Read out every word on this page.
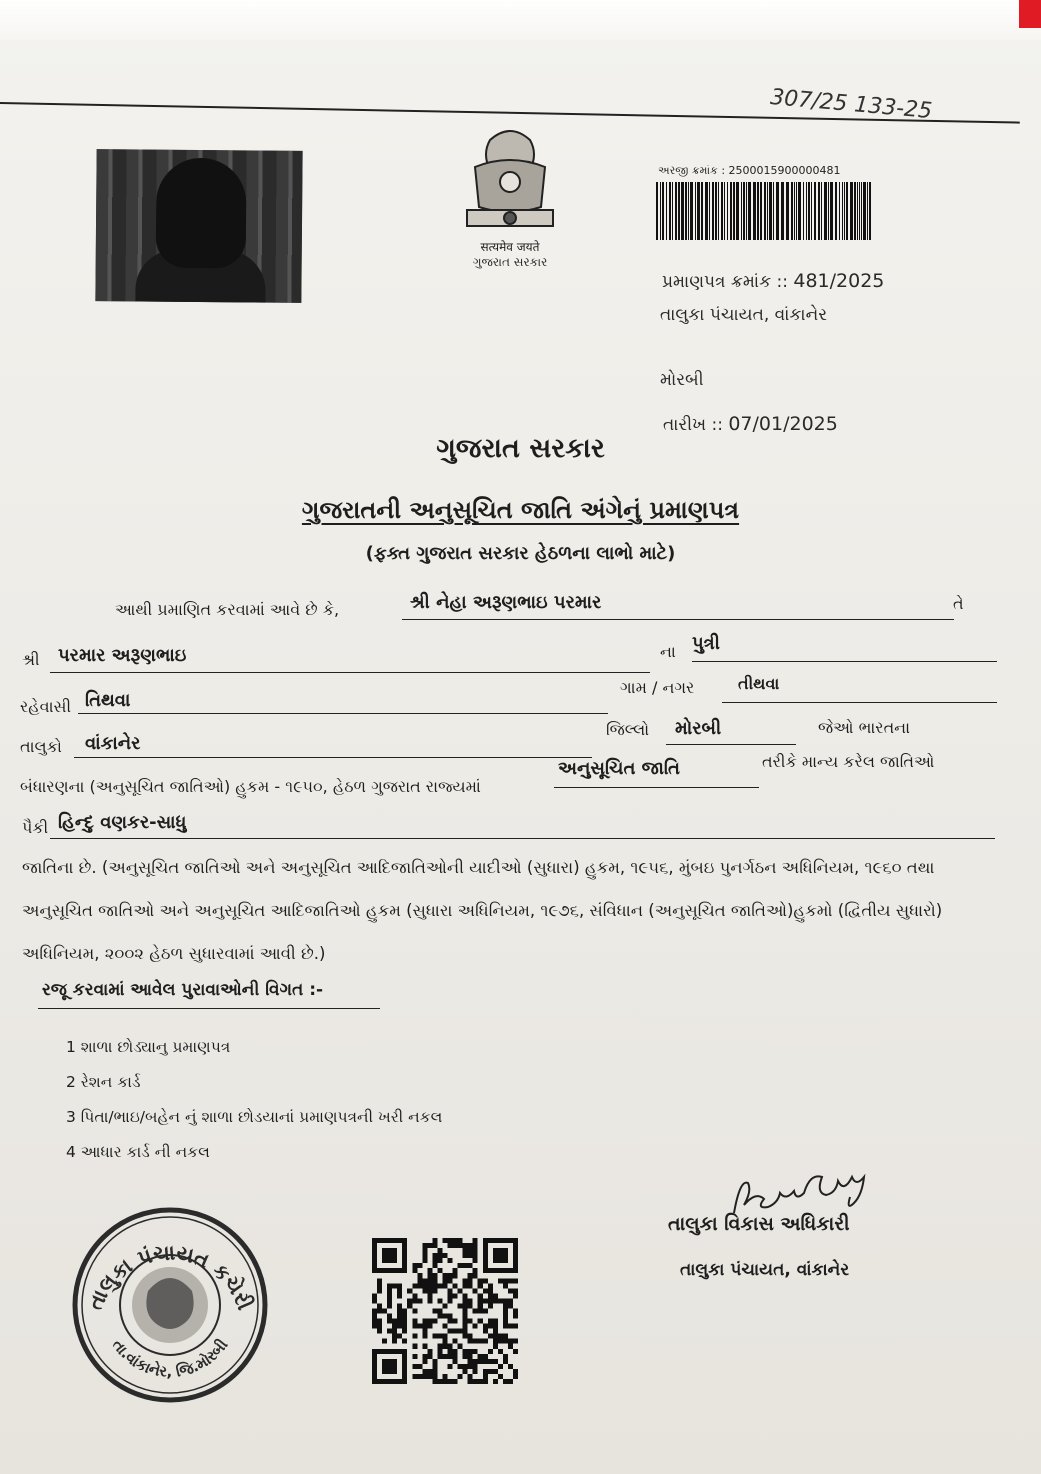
307/25 133-25
सत्यमेव जयते
ગુજરાત સરકાર
અરજી ક્રમાંક : 2500015900000481
પ્રમાણપત્ર ક્રમાંક :: 481/2025
તાલુકા પંચાયત, વાંકાનેર
મોરબી
તારીખ :: 07/01/2025
ગુજરાત સરકાર
ગુજરાતની અનુસૂચિત જાતિ અંગેનું પ્રમાણપત્ર
(ફક્ત ગુજરાત સરકાર હેઠળના લાભો માટે)
આથી પ્રમાણિત કરવામાં આવે છે કે,	શ્રી નેહા અરૂણભાઇ પરમાર	તે
શ્રી પરમાર અરૂણભાઇ	ના પુત્રી
રહેવાસી તિથવા
ગામ / નગર	તીથવા
તાલુકો વાંકાનેર
જિલ્લો મોરબી	જેઓ ભારતના
બંધારણના (અનુસૂચિત જાતિઓ) હુકમ - ૧૯૫૦, હેઠળ ગુજરાત રાજ્યમાં
અનુસૂચિત જાતિ	તરીકે માન્ય કરેલ જાતિઓ
પૈકી હિન્દુ વણકર-સાધુ
જાતિના છે. (અનુસૂચિત જાતિઓ અને અનુસૂચિત આદિજાતિઓની યાદીઓ (સુધારા) હુકમ, ૧૯૫૬, મુંબઇ પુનર્ગઠન અધિનિયમ, ૧૯૬૦ તથા
અનુસૂચિત જાતિઓ અને અનુસૂચિત આદિજાતિઓ હુકમ (સુધારા અધિનિયમ, ૧૯૭૬, સંવિધાન (અનુસૂચિત જાતિઓ)હુકમો (દ્વિતીય સુધારો)
અધિનિયમ, ૨૦૦૨ હેઠળ સુધારવામાં આવી છે.)
રજૂ કરવામાં આવેલ પુરાવાઓની વિગત :-
1 શાળા છોડ્યાનુ પ્રમાણપત્ર
2 રેશન કાર્ડ
3 પિતા/ભાઇ/બહેન નું શાળા છોડયાનાં પ્રમાણપત્રની ખરી નકલ
4 આધાર કાર્ડ ની નકલ
તાલુકા પંચાયત કચેરી
તા.વાંકાનેર, જિ.મોરબી
તાલુકા વિકાસ અધિકારી
તાલુકા પંચાયત, વાંકાનેર
